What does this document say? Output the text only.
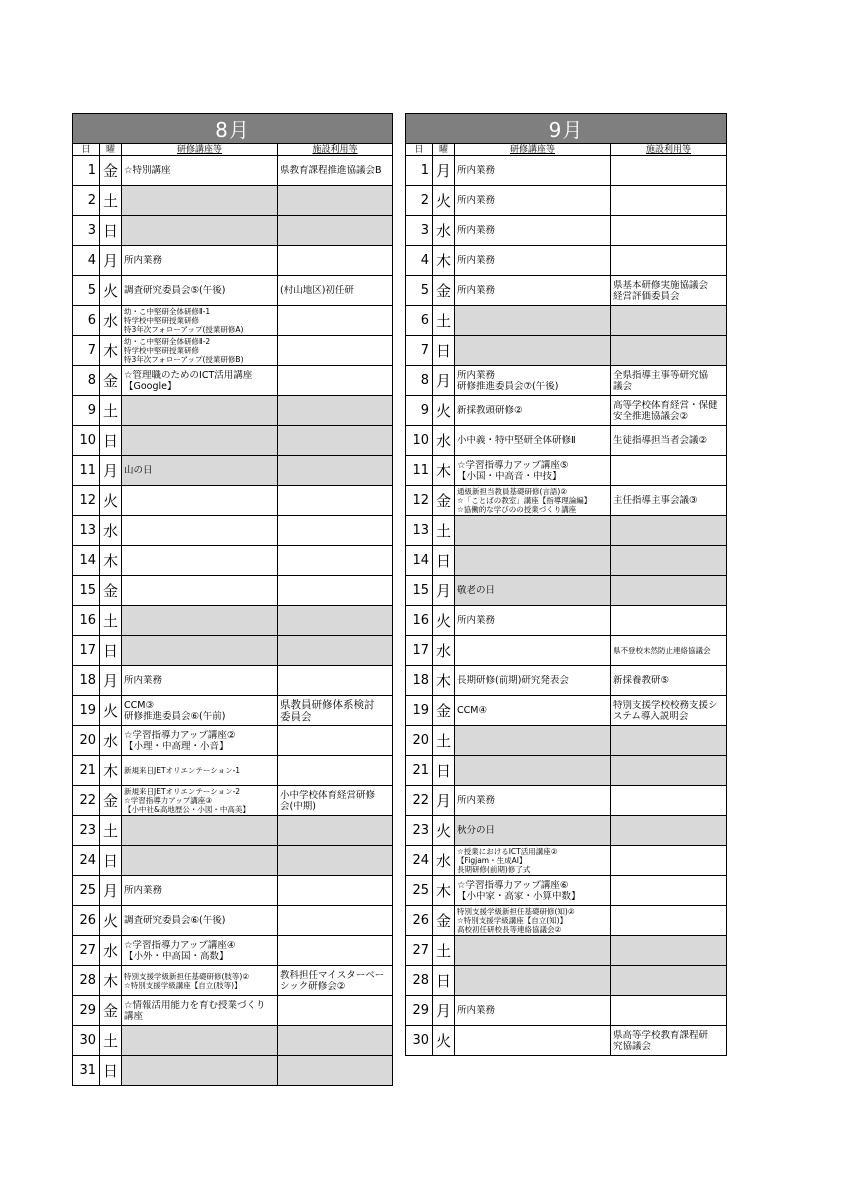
8月			
日	曜	研修講座等	施設利用等
1	金	☆特別講座	県教育課程推進協議会B

2	土		
3	日		
4	月	所内業務	

5	火	調査研究委員会⑤(午後)	(村山地区)初任研

6	水	幼・こ中堅研全体研修Ⅱ-1
特学校中堅研授業研修
特3年次フォローアップ(授業研修A)	

7	木	幼・こ中堅研全体研修Ⅱ-2
特学校中堅研授業研修
特3年次フォローアップ(授業研修B)	

8	金	☆管理職のためのICT活用講座
【Google】	

9	土		
10	日		
11	月	山の日	

12	火		
13	水		
14	木		
15	金		
16	土		
17	日		
18	月	所内業務	

19	火	CCM③
研修推進委員会⑥(午前)	県教員研修体系検討
委員会

20	水	☆学習指導力アップ講座②
【小理・中高理・小音】	

21	木	新規来日JETオリエンテーション-1	

22	金	新規来日JETオリエンテーション-2
☆学習指導力アップ講座③
【小中社&高地歴公・小図・中高美】	小中学校体育経営研修
会(中期)

23	土		
24	日		
25	月	所内業務	

26	火	調査研究委員会⑥(午後)	

27	水	☆学習指導力アップ講座④
【小外・中高国・高数】	

28	木	特別支援学級新担任基礎研修(肢等)②
☆特別支援学級講座【自立(肢等)】	教科担任マイスターベー
シック研修会②

29	金	☆情報活用能力を育む授業づくり
講座	

30	土		
31	日		
9月			
日	曜	研修講座等	施設利用等
1	月	所内業務	

2	火	所内業務	

3	水	所内業務	

4	木	所内業務	

5	金	所内業務	県基本研修実施協議会
経営評価委員会

6	土		
7	日		
8	月	所内業務
研修推進委員会⑦(午後)	全県指導主事等研究協
議会

9	火	新採教頭研修②	高等学校体育経営・保健
安全推進協議会②

10	水	小中義・特中堅研全体研修Ⅱ	生徒指導担当者会議②

11	木	☆学習指導力アップ講座⑤
【小国・中高音・中技】	

12	金	通級新担当教員基礎研修(言語)②
☆「ことばの教室」講座【指導理論編】
☆協働的な学びのの授業づくり講座	主任指導主事会議③

13	土		
14	日		
15	月	敬老の日	

16	火	所内業務	

17	水		県不登校未然防止連絡協議会

18	木	長期研修(前期)研究発表会	新採養教研⑤

19	金	CCM④	特別支援学校校務支援シ
ステム導入説明会

20	土		
21	日		
22	月	所内業務	

23	火	秋分の日	

24	水	☆授業におけるICT活用講座②
【Figjam・生成AI】
長期研修(前期)修了式	

25	木	☆学習指導力アップ講座⑥
【小中家・高家・小算中数】	

26	金	特別支援学級新担任基礎研修(知)②
☆特別支援学級講座【自立(知)】
高校初任研校長等連絡協議会②	

27	土		
28	日		
29	月	所内業務	

30	火		県高等学校教育課程研
究協議会
